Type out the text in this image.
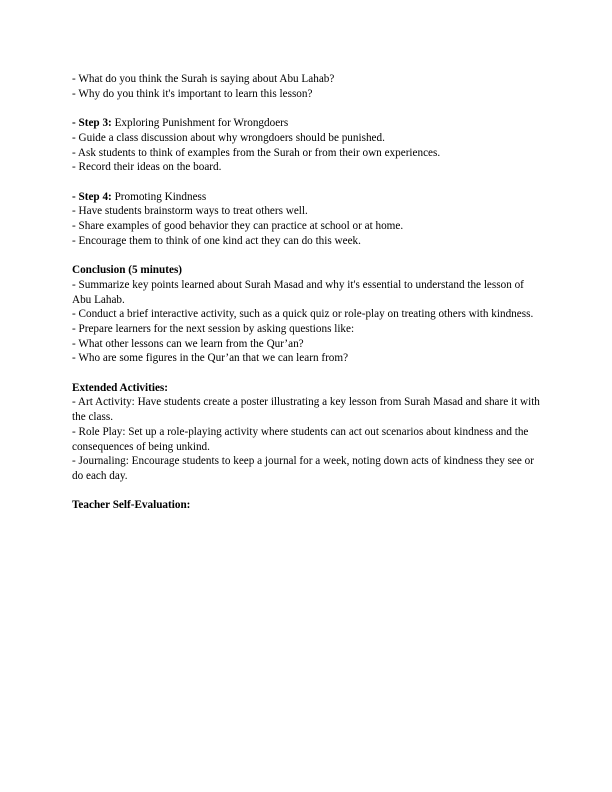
- What do you think the Surah is saying about Abu Lahab?
- Why do you think it's important to learn this lesson?
- Step 3: Exploring Punishment for Wrongdoers
- Guide a class discussion about why wrongdoers should be punished.
- Ask students to think of examples from the Surah or from their own experiences.
- Record their ideas on the board.
- Step 4: Promoting Kindness
- Have students brainstorm ways to treat others well.
- Share examples of good behavior they can practice at school or at home.
- Encourage them to think of one kind act they can do this week.
Conclusion (5 minutes)
- Summarize key points learned about Surah Masad and why it's essential to understand the lesson of Abu Lahab.
- Conduct a brief interactive activity, such as a quick quiz or role-play on treating others with kindness.
- Prepare learners for the next session by asking questions like:
- What other lessons can we learn from the Qur’an?
- Who are some figures in the Qur’an that we can learn from?
Extended Activities:
- Art Activity: Have students create a poster illustrating a key lesson from Surah Masad and share it with the class.
- Role Play: Set up a role-playing activity where students can act out scenarios about kindness and the consequences of being unkind.
- Journaling: Encourage students to keep a journal for a week, noting down acts of kindness they see or do each day.
Teacher Self-Evaluation:
